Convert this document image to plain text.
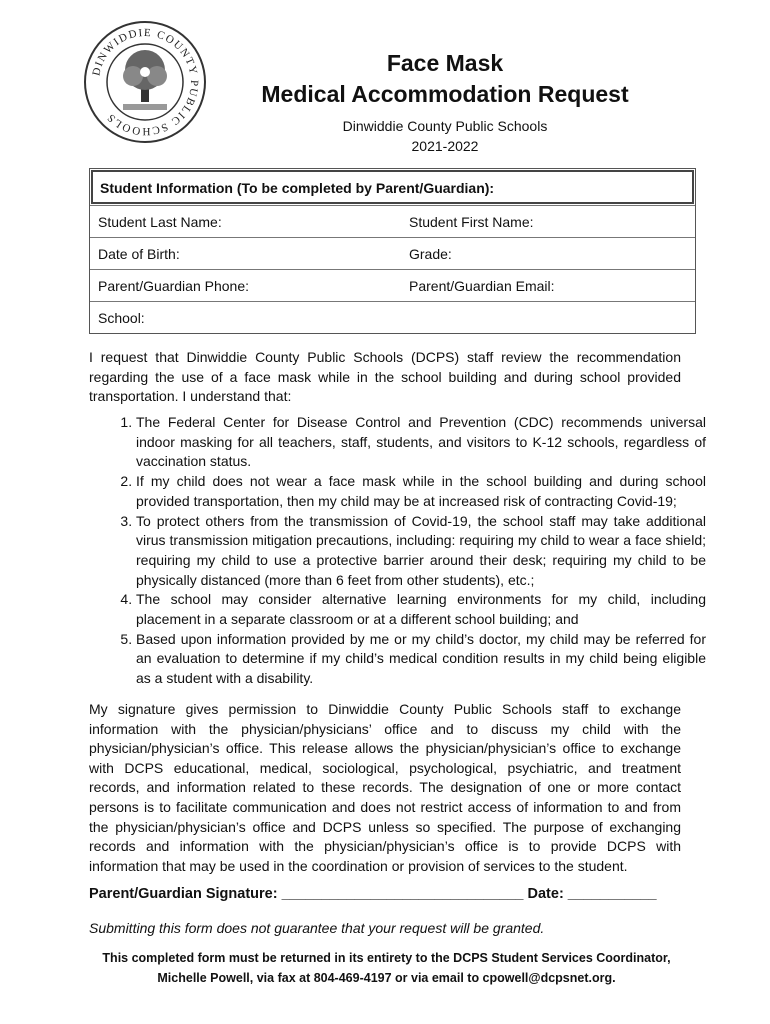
DINWIDDIE COUNTY PUBLIC SCHOOLS
Face Mask
Medical Accommodation Request
Dinwiddie County Public Schools
2021-2022
Student Information (To be completed by Parent/Guardian):
Student Last Name:	Student First Name:
Date of Birth:	Grade:
Parent/Guardian Phone:	Parent/Guardian Email:
School:
I request that Dinwiddie County Public Schools (DCPS) staff review the recommendation regarding the use of a face mask while in the school building and during school provided transportation. I understand that:
1. The Federal Center for Disease Control and Prevention (CDC) recommends universal indoor masking for all teachers, staff, students, and visitors to K-12 schools, regardless of vaccination status.
2. If my child does not wear a face mask while in the school building and during school provided transportation, then my child may be at increased risk of contracting Covid-19;
3. To protect others from the transmission of Covid-19, the school staff may take additional virus transmission mitigation precautions, including: requiring my child to wear a face shield; requiring my child to use a protective barrier around their desk; requiring my child to be physically distanced (more than 6 feet from other students), etc.;
4. The school may consider alternative learning environments for my child, including placement in a separate classroom or at a different school building; and
5. Based upon information provided by me or my child’s doctor, my child may be referred for an evaluation to determine if my child’s medical condition results in my child being eligible as a student with a disability.
My signature gives permission to Dinwiddie County Public Schools staff to exchange information with the physician/physicians’ office and to discuss my child with the physician/physician’s office. This release allows the physician/physician’s office to exchange with DCPS educational, medical, sociological, psychological, psychiatric, and treatment records, and information related to these records. The designation of one or more contact persons is to facilitate communication and does not restrict access of information to and from the physician/physician’s office and DCPS unless so specified. The purpose of exchanging records and information with the physician/physician’s office is to provide DCPS with information that may be used in the coordination or provision of services to the student.
Parent/Guardian Signature: ______________________________ Date: ___________
Submitting this form does not guarantee that your request will be granted.
This completed form must be returned in its entirety to the DCPS Student Services Coordinator,
Michelle Powell, via fax at 804-469-4197 or via email to cpowell@dcpsnet.org.
